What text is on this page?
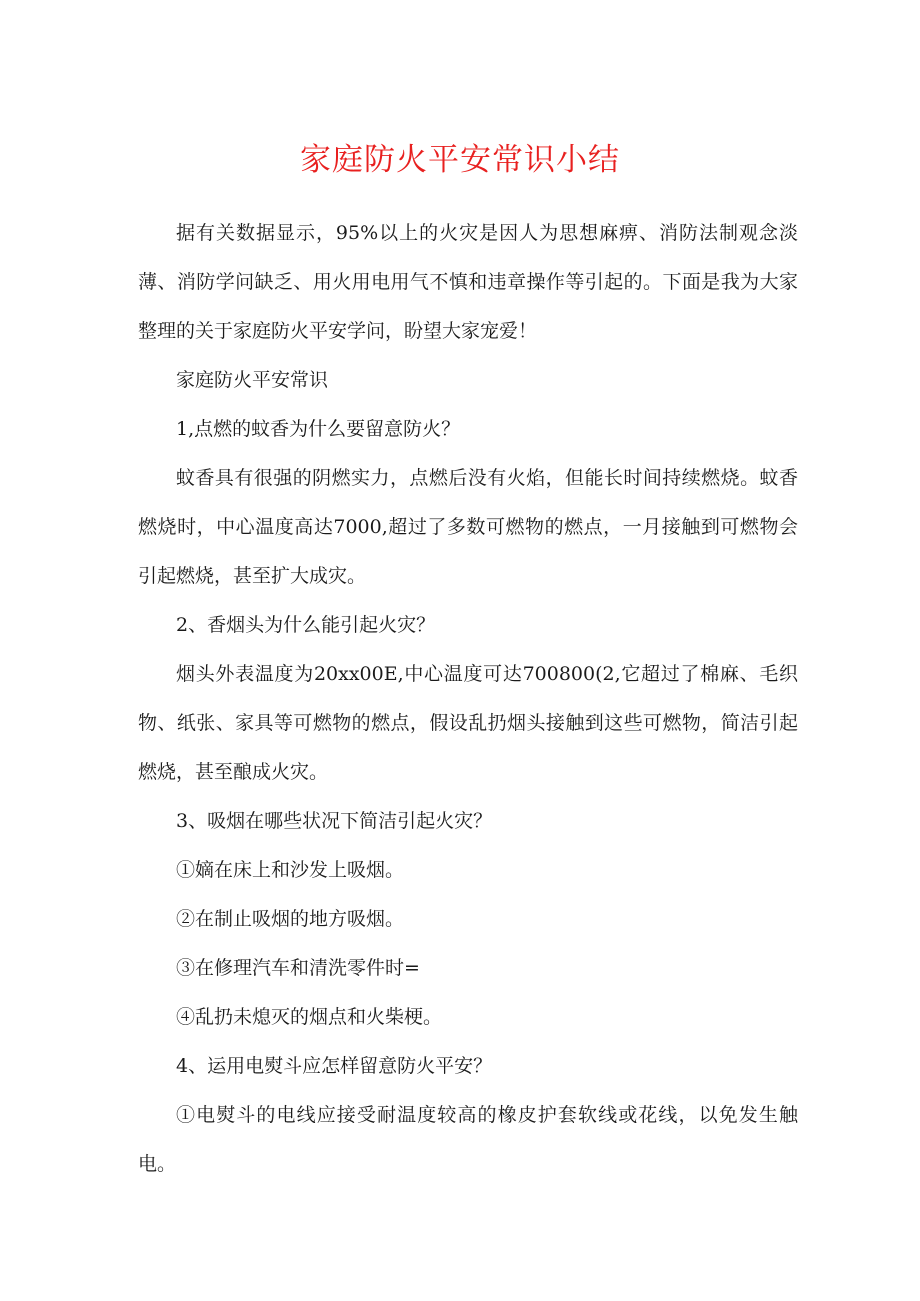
家庭防火平安常识小结

据有关数据显示，95%以上的火灾是因人为思想麻痹、消防法制观念淡薄、消防学问缺乏、用火用电用气不慎和违章操作等引起的。下面是我为大家整理的关于家庭防火平安学问，盼望大家宠爱！

家庭防火平安常识

1,点燃的蚊香为什么要留意防火？

蚊香具有很强的阴燃实力，点燃后没有火焰，但能长时间持续燃烧。蚊香燃烧时，中心温度高达7000,超过了多数可燃物的燃点，一月接触到可燃物会引起燃烧，甚至扩大成灾。

2、香烟头为什么能引起火灾？

烟头外表温度为20xx00E,中心温度可达700800(2,它超过了棉麻、毛织物、纸张、家具等可燃物的燃点，假设乱扔烟头接触到这些可燃物，简洁引起燃烧，甚至酿成火灾。

3、吸烟在哪些状况下简洁引起火灾？

①嫡在床上和沙发上吸烟。

②在制止吸烟的地方吸烟。

③在修理汽车和清洗零件时=

④乱扔未熄灭的烟点和火柴梗。

4、运用电熨斗应怎样留意防火平安？

①电熨斗的电线应接受耐温度较高的橡皮护套软线或花线，以免发生触电。
